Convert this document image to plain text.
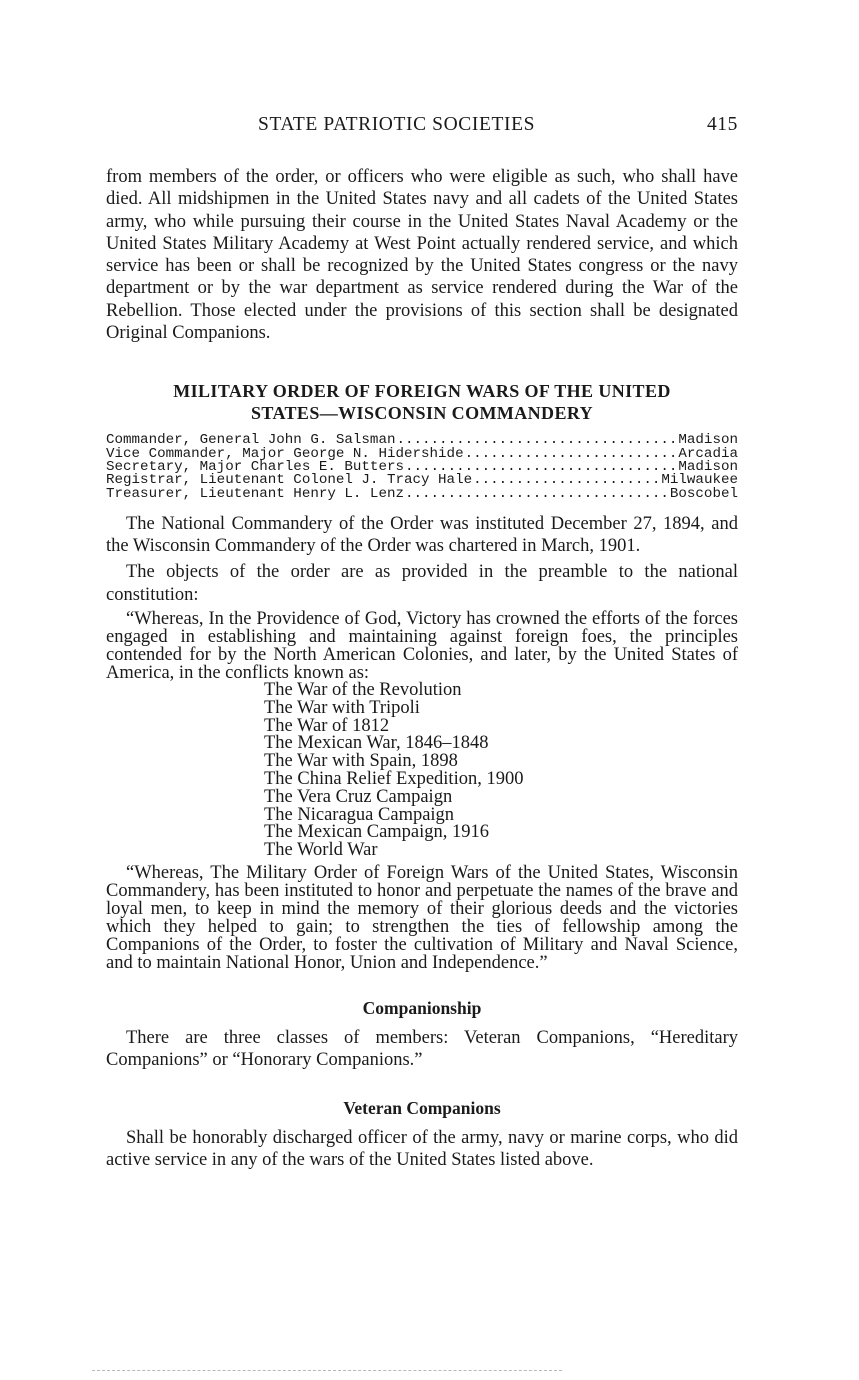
STATE PATRIOTIC SOCIETIES	415

from members of the order, or officers who were eligible as such, who shall have died. All midshipmen in the United States navy and all cadets of the United States army, who while pursuing their course in the United States Naval Academy or the United States Military Academy at West Point actually rendered service, and which service has been or shall be recognized by the United States congress or the navy department or by the war department as service rendered during the War of the Rebellion. Those elected under the provisions of this section shall be designated Original Companions.

MILITARY ORDER OF FOREIGN WARS OF THE UNITED
STATES—WISCONSIN COMMANDERY
Commander, General John G. Salsman .....	Madison
Vice Commander, Major George N. Hidershide .....	Arcadia
Secretary, Major Charles E. Butters .....	Madison
Registrar, Lieutenant Colonel J. Tracy Hale .....	Milwaukee
Treasurer, Lieutenant Henry L. Lenz .....	Boscobel

The National Commandery of the Order was instituted December 27, 1894, and the Wisconsin Commandery of the Order was chartered in March, 1901.

The objects of the order are as provided in the preamble to the national constitution:

“Whereas, In the Providence of God, Victory has crowned the efforts of the forces engaged in establishing and maintaining against foreign foes, the principles contended for by the North American Colonies, and later, by the United States of America, in the conflicts known as:

The War of the Revolution
The War with Tripoli
The War of 1812
The Mexican War, 1846–1848
The War with Spain, 1898
The China Relief Expedition, 1900
The Vera Cruz Campaign
The Nicaragua Campaign
The Mexican Campaign, 1916
The World War

“Whereas, The Military Order of Foreign Wars of the United States, Wisconsin Commandery, has been instituted to honor and perpetuate the names of the brave and loyal men, to keep in mind the memory of their glorious deeds and the victories which they helped to gain; to strengthen the ties of fellowship among the Companions of the Order, to foster the cultivation of Military and Naval Science, and to maintain National Honor, Union and Independence.”

Companionship

There are three classes of members: Veteran Companions, “Hereditary Companions” or “Honorary Companions.”

Veteran Companions

Shall be honorably discharged officer of the army, navy or marine corps, who did active service in any of the wars of the United States listed above.
